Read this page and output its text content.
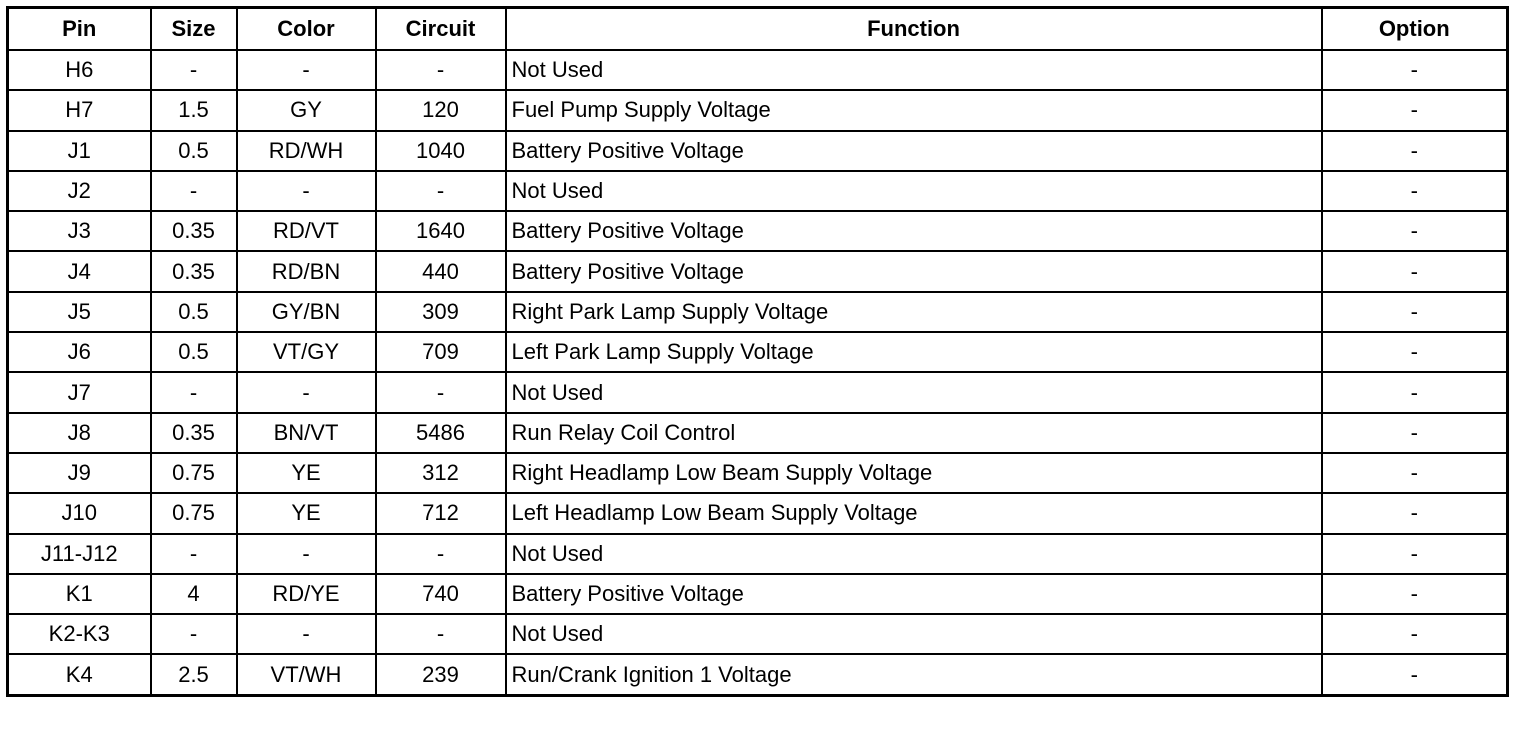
Pin	Size	Color	Circuit	Function	Option
H6	-	-	-	Not Used	-
H7	1.5	GY	120	Fuel Pump Supply Voltage	-
J1	0.5	RD/WH	1040	Battery Positive Voltage	-
J2	-	-	-	Not Used	-
J3	0.35	RD/VT	1640	Battery Positive Voltage	-
J4	0.35	RD/BN	440	Battery Positive Voltage	-
J5	0.5	GY/BN	309	Right Park Lamp Supply Voltage	-
J6	0.5	VT/GY	709	Left Park Lamp Supply Voltage	-
J7	-	-	-	Not Used	-
J8	0.35	BN/VT	5486	Run Relay Coil Control	-
J9	0.75	YE	312	Right Headlamp Low Beam Supply Voltage	-
J10	0.75	YE	712	Left Headlamp Low Beam Supply Voltage	-
J11-J12	-	-	-	Not Used	-
K1	4	RD/YE	740	Battery Positive Voltage	-
K2-K3	-	-	-	Not Used	-
K4	2.5	VT/WH	239	Run/Crank Ignition 1 Voltage	-
